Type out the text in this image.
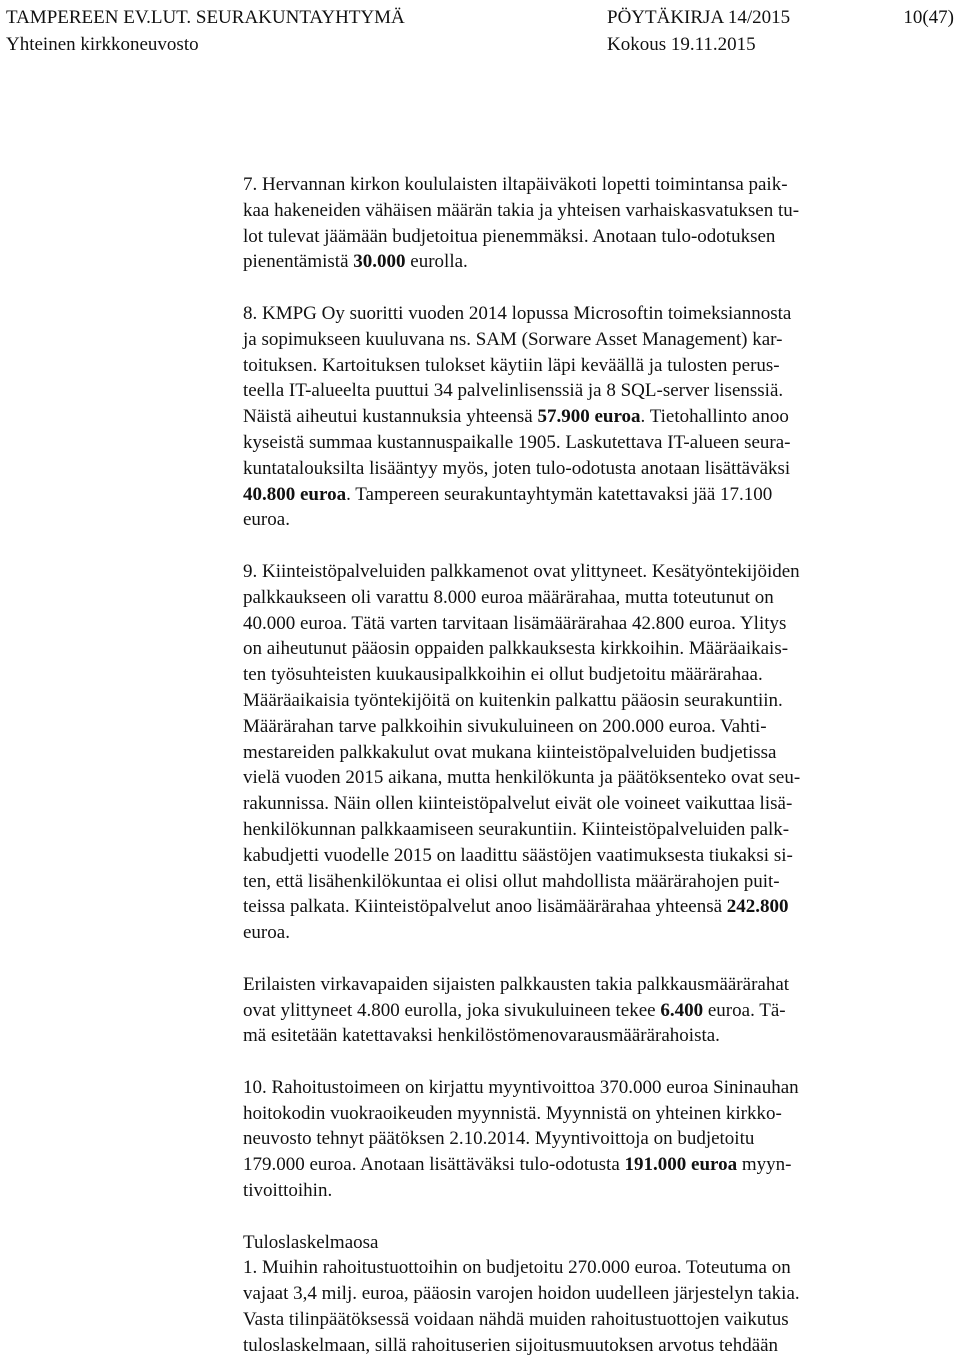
TAMPEREEN EV.LUT. SEURAKUNTAYHTYMÄ	PÖYTÄKIRJA 14/2015	10(47)
Yhteinen kirkkoneuvosto	Kokous 19.11.2015
7. Hervannan kirkon koululaisten iltapäiväkoti lopetti toimintansa paik-
kaa hakeneiden vähäisen määrän takia ja yhteisen varhaiskasvatuksen tu-
lot tulevat jäämään budjetoitua pienemmäksi. Anotaan tulo-odotuksen
pienentämistä 30.000 eurolla.
8. KMPG Oy suoritti vuoden 2014 lopussa Microsoftin toimeksiannosta
ja sopimukseen kuuluvana ns. SAM (Sorware Asset Management) kar-
toituksen. Kartoituksen tulokset käytiin läpi keväällä ja tulosten perus-
teella IT-alueelta puuttui 34 palvelinlisenssiä ja 8 SQL-server lisenssiä.
Näistä aiheutui kustannuksia yhteensä 57.900 euroa. Tietohallinto anoo
kyseistä summaa kustannuspaikalle 1905. Laskutettava IT-alueen seura-
kuntatalouksilta lisääntyy myös, joten tulo-odotusta anotaan lisättäväksi
40.800 euroa. Tampereen seurakuntayhtymän katettavaksi jää 17.100
euroa.
9. Kiinteistöpalveluiden palkkamenot ovat ylittyneet. Kesätyöntekijöiden
palkkaukseen oli varattu 8.000 euroa määrärahaa, mutta toteutunut on
40.000 euroa. Tätä varten tarvitaan lisämäärärahaa 42.800 euroa. Ylitys
on aiheutunut pääosin oppaiden palkkauksesta kirkkoihin. Määräaikais-
ten työsuhteisten kuukausipalkkoihin ei ollut budjetoitu määrärahaa.
Määräaikaisia työntekijöitä on kuitenkin palkattu pääosin seurakuntiin.
Määrärahan tarve palkkoihin sivukuluineen on 200.000 euroa. Vahti-
mestareiden palkkakulut ovat mukana kiinteistöpalveluiden budjetissa
vielä vuoden 2015 aikana, mutta henkilökunta ja päätöksenteko ovat seu-
rakunnissa. Näin ollen kiinteistöpalvelut eivät ole voineet vaikuttaa lisä-
henkilökunnan palkkaamiseen seurakuntiin. Kiinteistöpalveluiden palk-
kabudjetti vuodelle 2015 on laadittu säästöjen vaatimuksesta tiukaksi si-
ten, että lisähenkilökuntaa ei olisi ollut mahdollista määrärahojen puit-
teissa palkata. Kiinteistöpalvelut anoo lisämäärärahaa yhteensä 242.800
euroa.
Erilaisten virkavapaiden sijaisten palkkausten takia palkkausmäärärahat
ovat ylittyneet 4.800 eurolla, joka sivukuluineen tekee 6.400 euroa. Tä-
mä esitetään katettavaksi henkilöstömenovarausmäärärahoista.
10. Rahoitustoimeen on kirjattu myyntivoittoa 370.000 euroa Sininauhan
hoitokodin vuokraoikeuden myynnistä. Myynnistä on yhteinen kirkko-
neuvosto tehnyt päätöksen 2.10.2014. Myyntivoittoja on budjetoitu
179.000 euroa. Anotaan lisättäväksi tulo-odotusta 191.000 euroa myyn-
tivoittoihin.
Tuloslaskelmaosa
1. Muihin rahoitustuottoihin on budjetoitu 270.000 euroa. Toteutuma on
vajaat 3,4 milj. euroa, pääosin varojen hoidon uudelleen järjestelyn takia.
Vasta tilinpäätöksessä voidaan nähdä muiden rahoitustuottojen vaikutus
tuloslaskelmaan, sillä rahoituserien sijoitusmuutoksen arvotus tehdään
